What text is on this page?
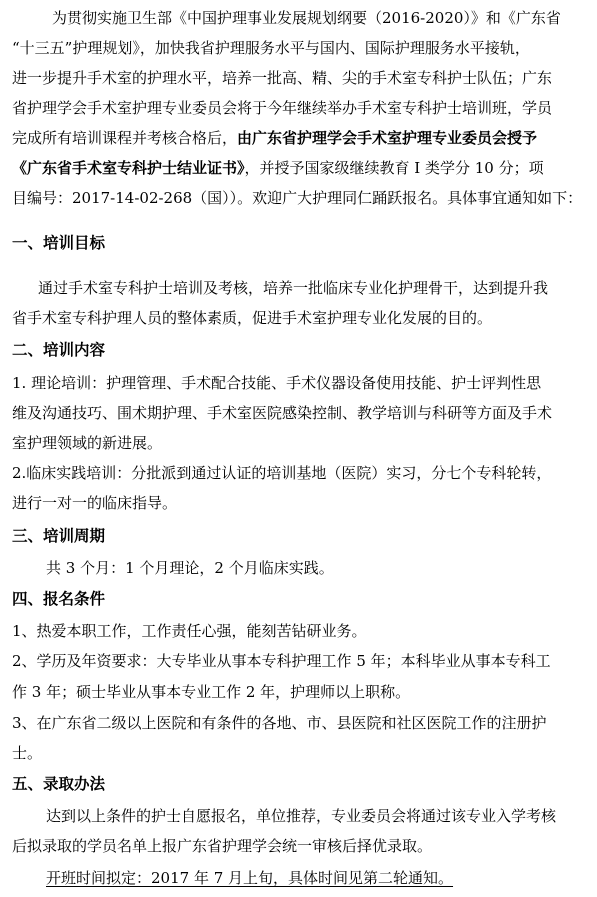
为贯彻实施卫生部《中国护理事业发展规划纲要（2016-2020）》和《广东省
“十三五”护理规划》，加快我省护理服务水平与国内、国际护理服务水平接轨，
进一步提升手术室的护理水平，培养一批高、精、尖的手术室专科护士队伍；广东
省护理学会手术室护理专业委员会将于今年继续举办手术室专科护士培训班，学员
完成所有培训课程并考核合格后，由广东省护理学会手术室护理专业委员会授予
《广东省手术室专科护士结业证书》，并授予国家级继续教育 I 类学分 10 分；项
目编号：2017-14-02-268（国））。欢迎广大护理同仁踊跃报名。具体事宜通知如下：
一、培训目标
通过手术室专科护士培训及考核，培养一批临床专业化护理骨干，达到提升我
省手术室专科护理人员的整体素质，促进手术室护理专业化发展的目的。
二、培训内容
1. 理论培训：护理管理、手术配合技能、手术仪器设备使用技能、护士评判性思
维及沟通技巧、围术期护理、手术室医院感染控制、教学培训与科研等方面及手术
室护理领域的新进展。
2.临床实践培训：分批派到通过认证的培训基地（医院）实习，分七个专科轮转，
进行一对一的临床指导。
三、培训周期
共 3 个月：1 个月理论，2 个月临床实践。
四、报名条件
1、热爱本职工作，工作责任心强，能刻苦钻研业务。
2、学历及年资要求：大专毕业从事本专科护理工作 5 年；本科毕业从事本专科工
作 3 年；硕士毕业从事本专业工作 2 年，护理师以上职称。
3、在广东省二级以上医院和有条件的各地、市、县医院和社区医院工作的注册护
士。
五、录取办法
达到以上条件的护士自愿报名，单位推荐，专业委员会将通过该专业入学考核
后拟录取的学员名单上报广东省护理学会统一审核后择优录取。
开班时间拟定：2017 年 7 月上旬，具体时间见第二轮通知。
